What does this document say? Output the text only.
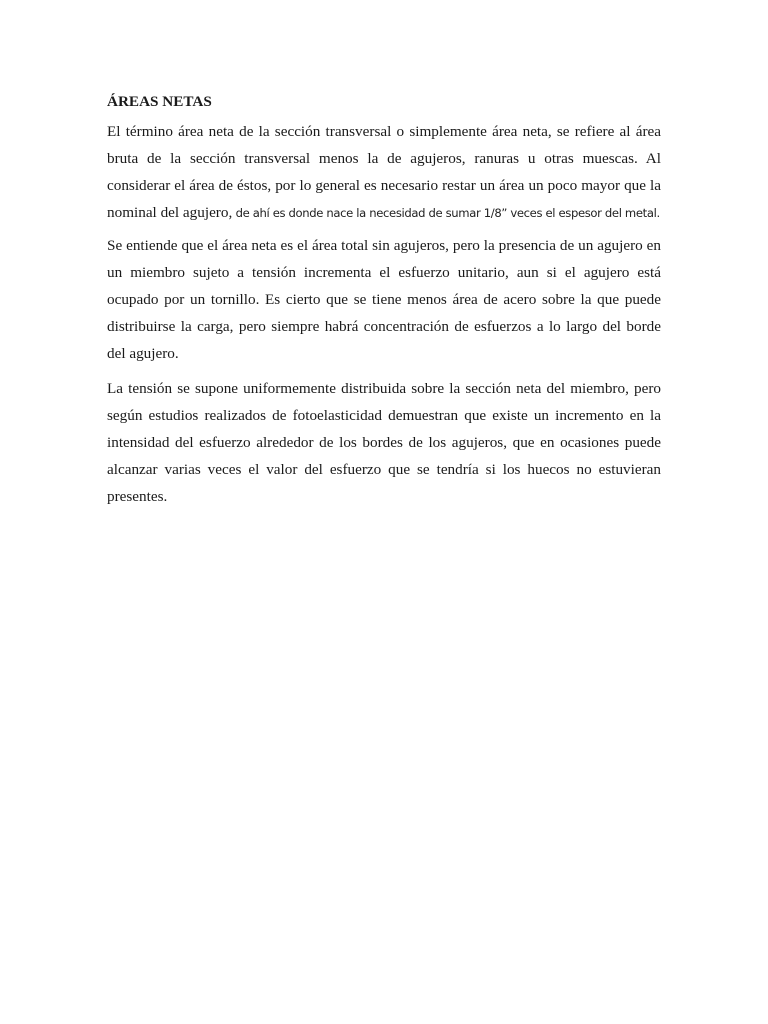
ÁREAS NETAS

El término área neta de la sección transversal o simplemente área neta, se refiere al área bruta de la sección transversal menos la de agujeros, ranuras u otras muescas. Al considerar el área de éstos, por lo general es necesario restar un área un poco mayor que la nominal del agujero, de ahí es donde nace la necesidad de sumar 1/8” veces el espesor del metal.

Se entiende que el área neta es el área total sin agujeros, pero la presencia de un agujero en un miembro sujeto a tensión incrementa el esfuerzo unitario, aun si el agujero está ocupado por un tornillo. Es cierto que se tiene menos área de acero sobre la que puede distribuirse la carga, pero siempre habrá concentración de esfuerzos a lo largo del borde del agujero.

La tensión se supone uniformemente distribuida sobre la sección neta del miembro, pero según estudios realizados de fotoelasticidad demuestran que existe un incremento en la intensidad del esfuerzo alrededor de los bordes de los agujeros, que en ocasiones puede alcanzar varias veces el valor del esfuerzo que se tendría si los huecos no estuvieran presentes.
